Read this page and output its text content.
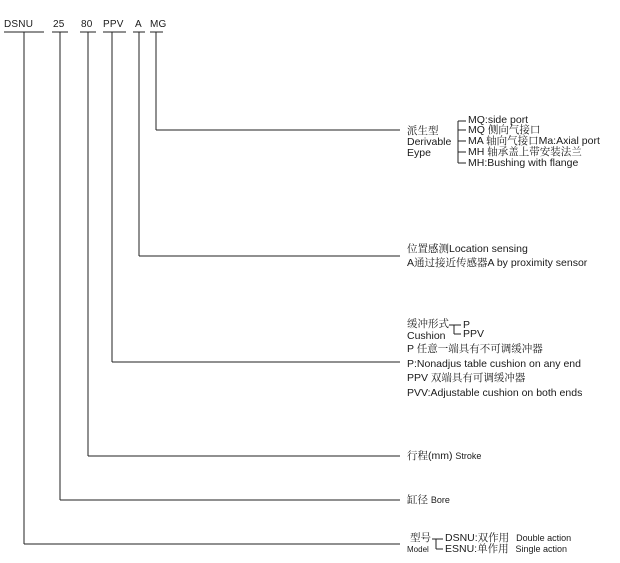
DSNU 25 80 PPV A MG
派生型
Derivable
Eype
MQ:side port
MQ 侧向气接口
MA 轴向气接口Ma:Axial port
MH 轴承盖上带安装法兰
MH:Bushing with flange
位置感测Location sensing
A通过接近传感器A by proximity sensor
缓冲形式
Cushion
P
PPV
P 任意一端具有不可调缓冲器
P:Nonadjus table cushion on any end
PPV 双端具有可调缓冲器
PVV:Adjustable cushion on both ends
行程(mm) Stroke
缸径 Bore
型号
Model
DSNU:双作用 Double action
ESNU:单作用 Single action
